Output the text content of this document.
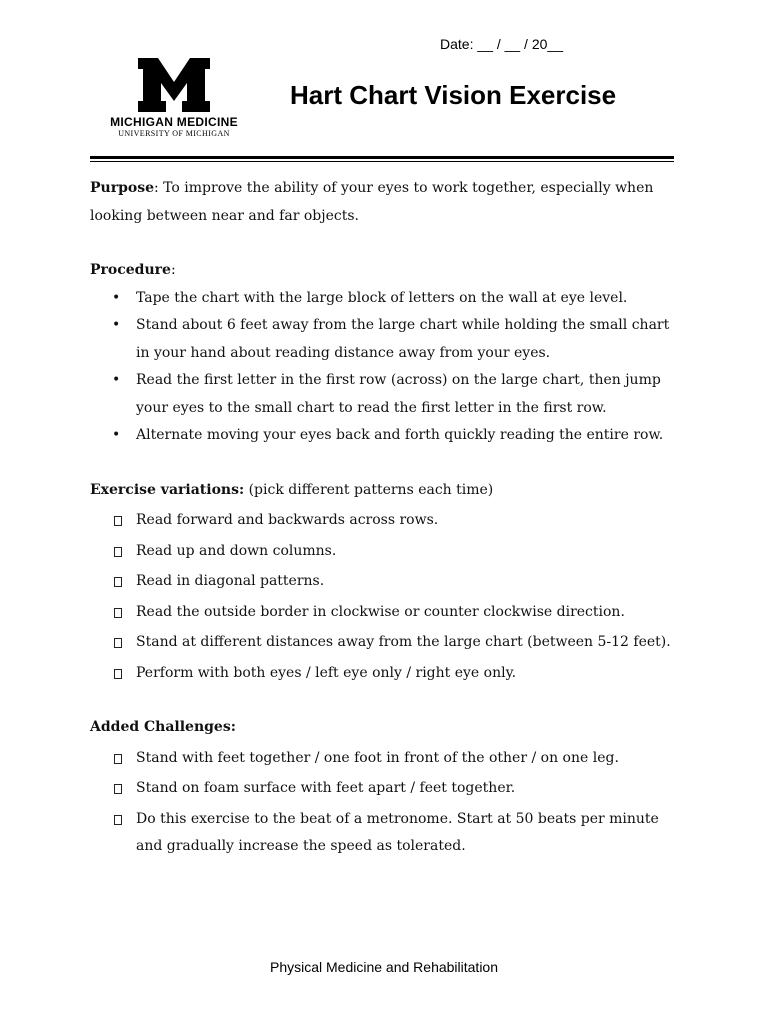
Date: __ / __ / 20__
MICHIGAN MEDICINE
UNIVERSITY OF MICHIGAN
Hart Chart Vision Exercise

Purpose: To improve the ability of your eyes to work together, especially when looking between near and far objects.

Procedure:

• Tape the chart with the large block of letters on the wall at eye level.
• Stand about 6 feet away from the large chart while holding the small chart in your hand about reading distance away from your eyes.
• Read the first letter in the first row (across) on the large chart, then jump your eyes to the small chart to read the first letter in the first row.
• Alternate moving your eyes back and forth quickly reading the entire row.

Exercise variations: (pick different patterns each time)

Read forward and backwards across rows.
Read up and down columns.
Read in diagonal patterns.
Read the outside border in clockwise or counter clockwise direction.
Stand at different distances away from the large chart (between 5-12 feet).
Perform with both eyes / left eye only / right eye only.

Added Challenges:

Stand with feet together / one foot in front of the other / on one leg.
Stand on foam surface with feet apart / feet together.
Do this exercise to the beat of a metronome. Start at 50 beats per minute and gradually increase the speed as tolerated.
Physical Medicine and Rehabilitation
